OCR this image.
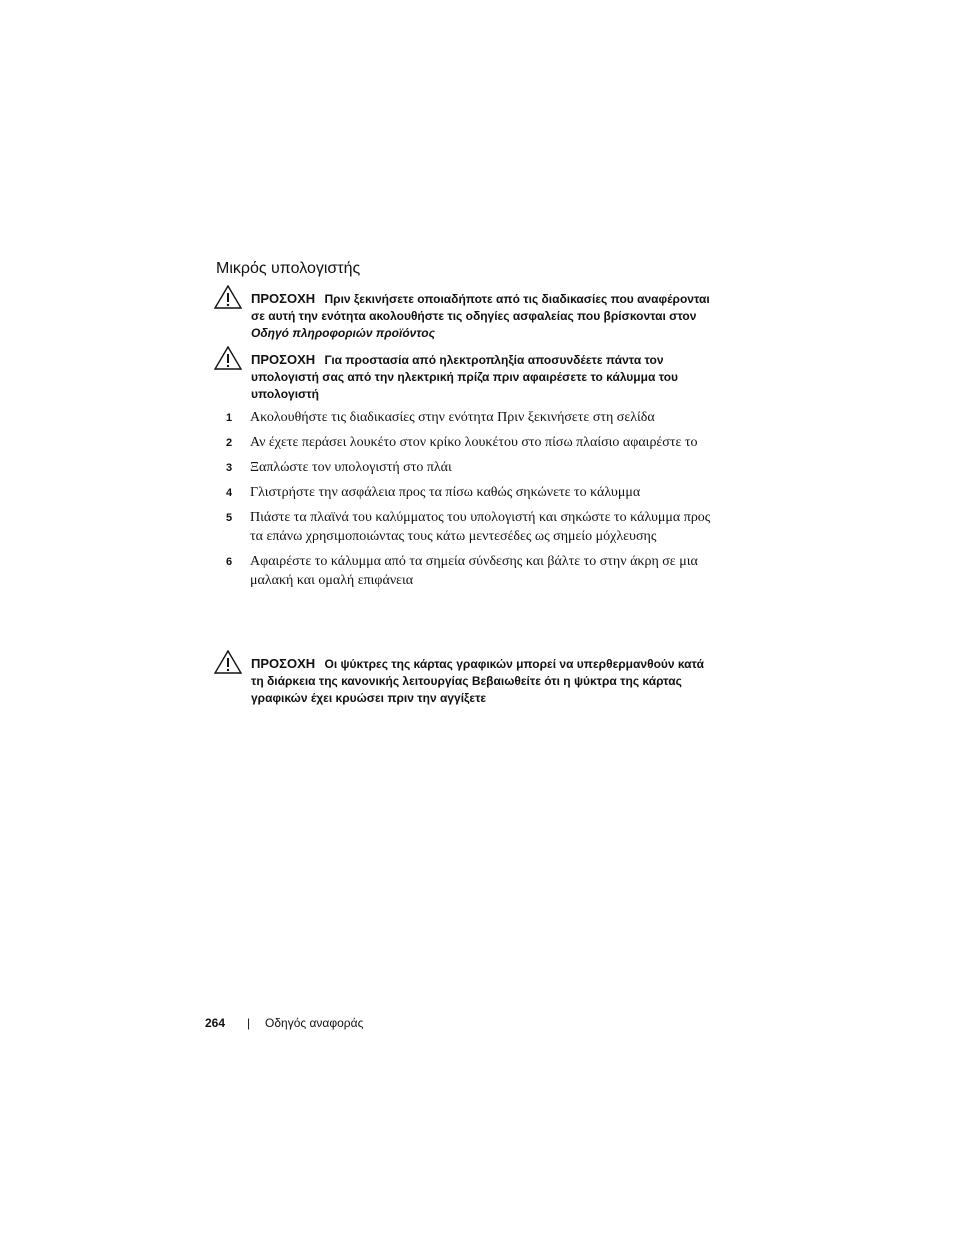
Μικρός υπολογιστής
ΠΡΟΣΟΧΗ Πριν ξεκινήσετε οποιαδήποτε από τις διαδικασίες που αναφέρονται σε αυτή την ενότητα ακολουθήστε τις οδηγίες ασφαλείας που βρίσκονται στον Οδηγό πληροφοριών προϊόντος
ΠΡΟΣΟΧΗ Για προστασία από ηλεκτροπληξία αποσυνδέετε πάντα τον υπολογιστή σας από την ηλεκτρική πρίζα πριν αφαιρέσετε το κάλυμμα του υπολογιστή
1 Ακολουθήστε τις διαδικασίες στην ενότητα Πριν ξεκινήσετε στη σελίδα
2 Αν έχετε περάσει λουκέτο στον κρίκο λουκέτου στο πίσω πλαίσιο αφαιρέστε το
3 Ξαπλώστε τον υπολογιστή στο πλάι
4 Γλιστρήστε την ασφάλεια προς τα πίσω καθώς σηκώνετε το κάλυμμα
5 Πιάστε τα πλαϊνά του καλύμματος του υπολογιστή και σηκώστε το κάλυμμα προς τα επάνω χρησιμοποιώντας τους κάτω μεντεσέδες ως σημείο μόχλευσης
6 Αφαιρέστε το κάλυμμα από τα σημεία σύνδεσης και βάλτε το στην άκρη σε μια μαλακή και ομαλή επιφάνεια
ΠΡΟΣΟΧΗ Οι ψύκτρες της κάρτας γραφικών μπορεί να υπερθερμανθούν κατά τη διάρκεια της κανονικής λειτουργίας Βεβαιωθείτε ότι η ψύκτρα της κάρτας γραφικών έχει κρυώσει πριν την αγγίξετε
264 | Οδηγός αναφοράς
